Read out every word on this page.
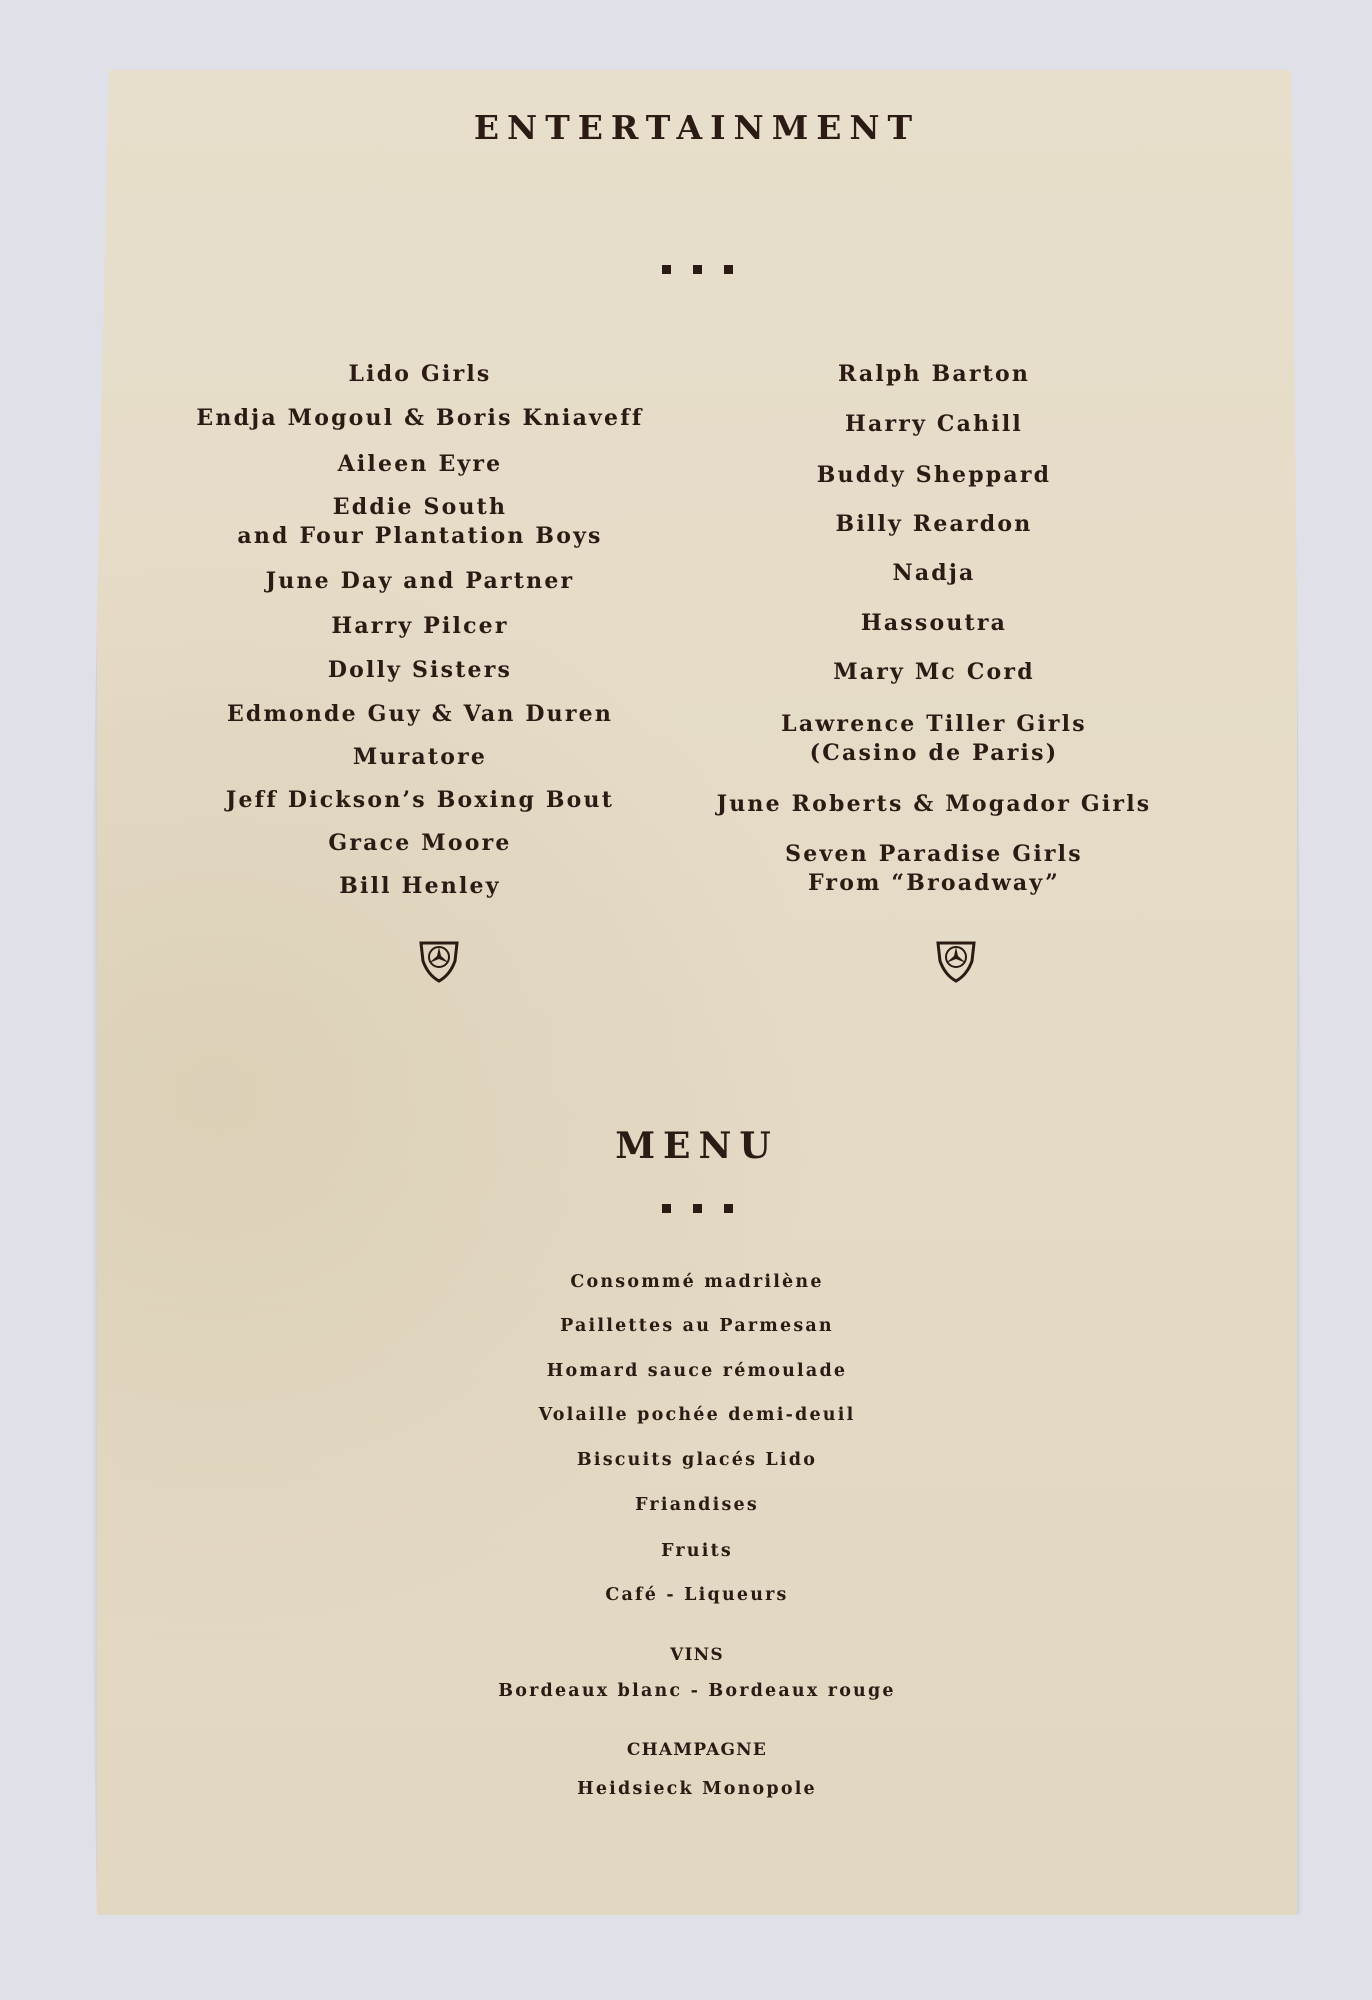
ENTERTAINMENT
Lido Girls
Endja Mogoul & Boris Kniaveff
Aileen Eyre
Eddie South
and Four Plantation Boys
June Day and Partner
Harry Pilcer
Dolly Sisters
Edmonde Guy & Van Duren
Muratore
Jeff Dickson’s Boxing Bout
Grace Moore
Bill Henley
Ralph Barton
Harry Cahill
Buddy Sheppard
Billy Reardon
Nadja
Hassoutra
Mary Mc Cord
Lawrence Tiller Girls
(Casino de Paris)
June Roberts & Mogador Girls
Seven Paradise Girls
From “Broadway”
MENU
Consommé madrilène
Paillettes au Parmesan
Homard sauce rémoulade
Volaille pochée demi-deuil
Biscuits glacés Lido
Friandises
Fruits
Café - Liqueurs
VINS
Bordeaux blanc - Bordeaux rouge
CHAMPAGNE
Heidsieck Monopole
